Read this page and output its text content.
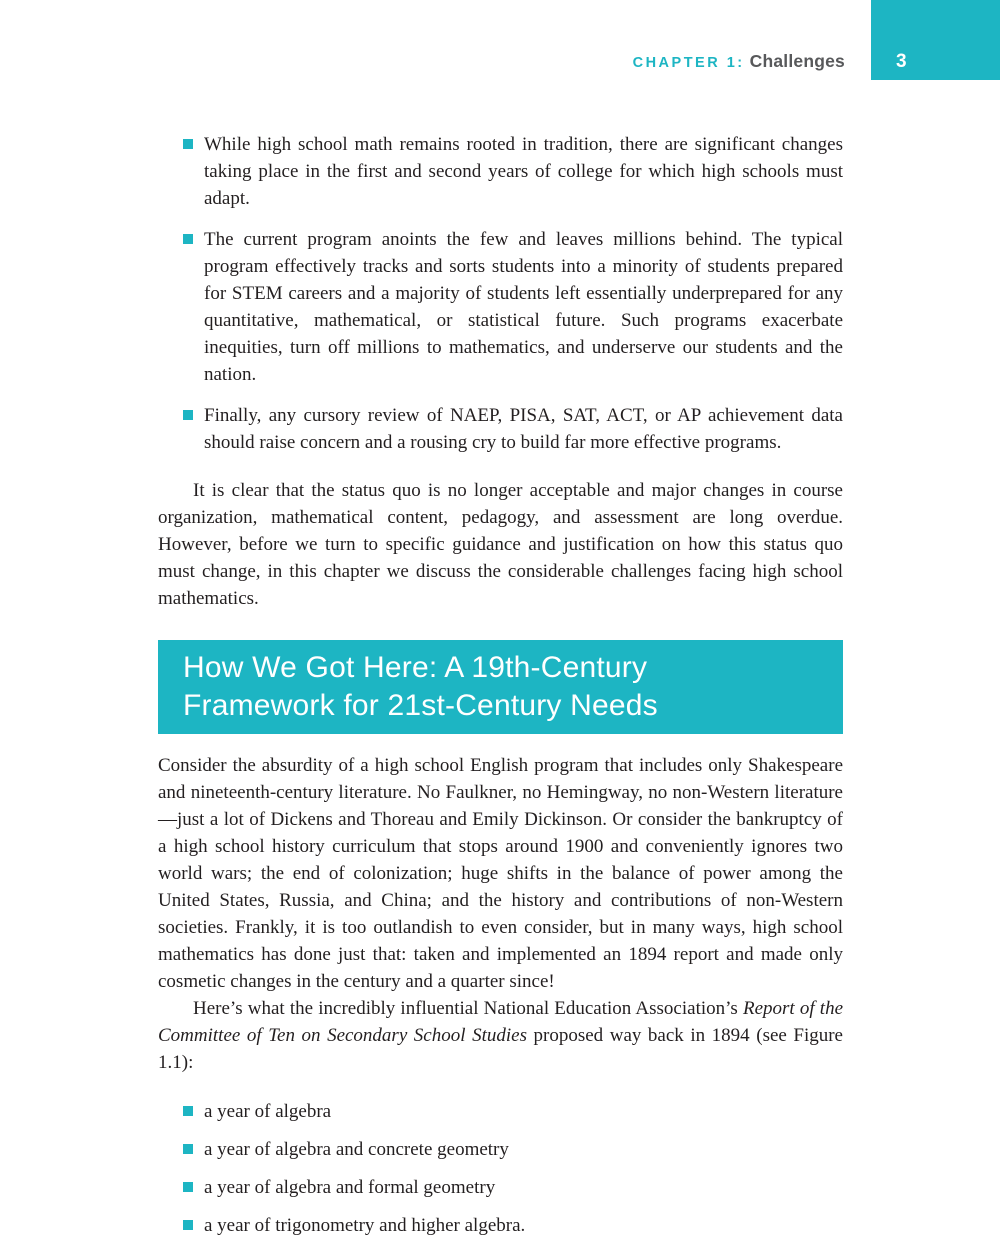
CHAPTER 1: Challenges	3
While high school math remains rooted in tradition, there are significant changes taking place in the first and second years of college for which high schools must adapt.
The current program anoints the few and leaves millions behind. The typical program effectively tracks and sorts students into a minority of students prepared for STEM careers and a majority of students left essentially underprepared for any quantitative, mathematical, or statistical future. Such programs exacerbate inequities, turn off millions to mathematics, and underserve our students and the nation.
Finally, any cursory review of NAEP, PISA, SAT, ACT, or AP achievement data should raise concern and a rousing cry to build far more effective programs.

It is clear that the status quo is no longer acceptable and major changes in course organization, mathematical content, pedagogy, and assessment are long overdue. However, before we turn to specific guidance and justification on how this status quo must change, in this chapter we discuss the considerable challenges facing high school mathematics.

How We Got Here: A 19th-Century
Framework for 21st-Century Needs

Consider the absurdity of a high school English program that includes only Shakespeare and nineteenth-century literature. No Faulkner, no Hemingway, no non-Western literature—just a lot of Dickens and Thoreau and Emily Dickinson. Or consider the bankruptcy of a high school history curriculum that stops around 1900 and conveniently ignores two world wars; the end of colonization; huge shifts in the balance of power among the United States, Russia, and China; and the history and contributions of non-Western societies. Frankly, it is too outlandish to even consider, but in many ways, high school mathematics has done just that: taken and implemented an 1894 report and made only cosmetic changes in the century and a quarter since!

Here’s what the incredibly influential National Education Association’s Report of the Committee of Ten on Secondary School Studies proposed way back in 1894 (see Figure 1.1):

a year of algebra
a year of algebra and concrete geometry
a year of algebra and formal geometry
a year of trigonometry and higher algebra.
